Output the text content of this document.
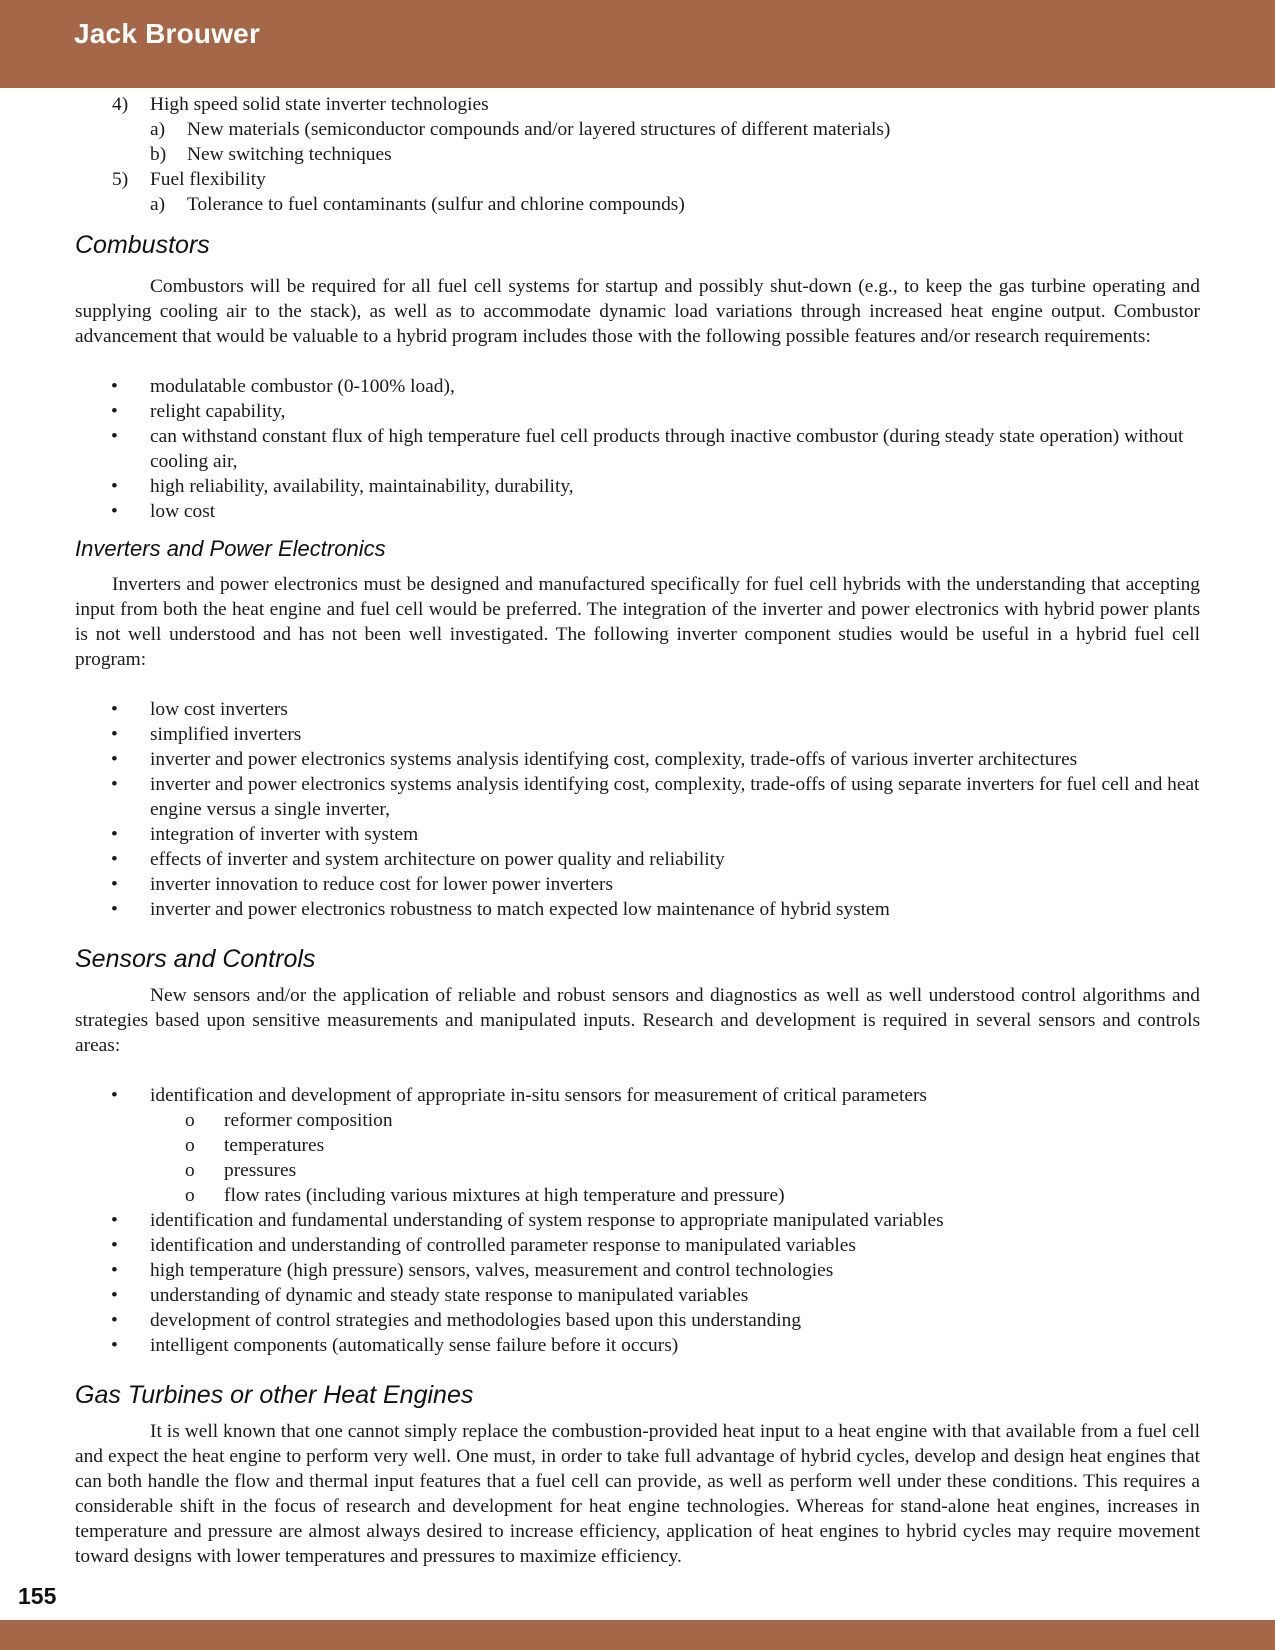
Jack Brouwer
4) High speed solid state inverter technologies
a) New materials (semiconductor compounds and/or layered structures of different materials)
b) New switching techniques
5) Fuel flexibility
a) Tolerance to fuel contaminants (sulfur and chlorine compounds)
Combustors

Combustors will be required for all fuel cell systems for startup and possibly shut-down (e.g., to keep the gas turbine operating and supplying cooling air to the stack), as well as to accommodate dynamic load variations through increased heat engine output. Combustor advancement that would be valuable to a hybrid program includes those with the following possible features and/or research requirements:

• modulatable combustor (0-100% load),
• relight capability,
• can withstand constant flux of high temperature fuel cell products through inactive combustor (during steady state operation) without cooling air,
• high reliability, availability, maintainability, durability,
• low cost
Inverters and Power Electronics

Inverters and power electronics must be designed and manufactured specifically for fuel cell hybrids with the understanding that accepting input from both the heat engine and fuel cell would be preferred. The integration of the inverter and power electronics with hybrid power plants is not well understood and has not been well investigated. The following inverter component studies would be useful in a hybrid fuel cell program:

• low cost inverters
• simplified inverters
• inverter and power electronics systems analysis identifying cost, complexity, trade-offs of various inverter architectures
• inverter and power electronics systems analysis identifying cost, complexity, trade-offs of using separate inverters for fuel cell and heat engine versus a single inverter,
• integration of inverter with system
• effects of inverter and system architecture on power quality and reliability
• inverter innovation to reduce cost for lower power inverters
• inverter and power electronics robustness to match expected low maintenance of hybrid system
Sensors and Controls

New sensors and/or the application of reliable and robust sensors and diagnostics as well as well understood control algorithms and strategies based upon sensitive measurements and manipulated inputs. Research and development is required in several sensors and controls areas:

• identification and development of appropriate in-situ sensors for measurement of critical parameters
o reformer composition
o temperatures
o pressures
o flow rates (including various mixtures at high temperature and pressure)
• identification and fundamental understanding of system response to appropriate manipulated variables
• identification and understanding of controlled parameter response to manipulated variables
• high temperature (high pressure) sensors, valves, measurement and control technologies
• understanding of dynamic and steady state response to manipulated variables
• development of control strategies and methodologies based upon this understanding
• intelligent components (automatically sense failure before it occurs)
Gas Turbines or other Heat Engines

It is well known that one cannot simply replace the combustion-provided heat input to a heat engine with that available from a fuel cell and expect the heat engine to perform very well. One must, in order to take full advantage of hybrid cycles, develop and design heat engines that can both handle the flow and thermal input features that a fuel cell can provide, as well as perform well under these conditions. This requires a considerable shift in the focus of research and development for heat engine technologies. Whereas for stand-alone heat engines, increases in temperature and pressure are almost always desired to increase efficiency, application of heat engines to hybrid cycles may require movement toward designs with lower temperatures and pressures to maximize efficiency.

155
